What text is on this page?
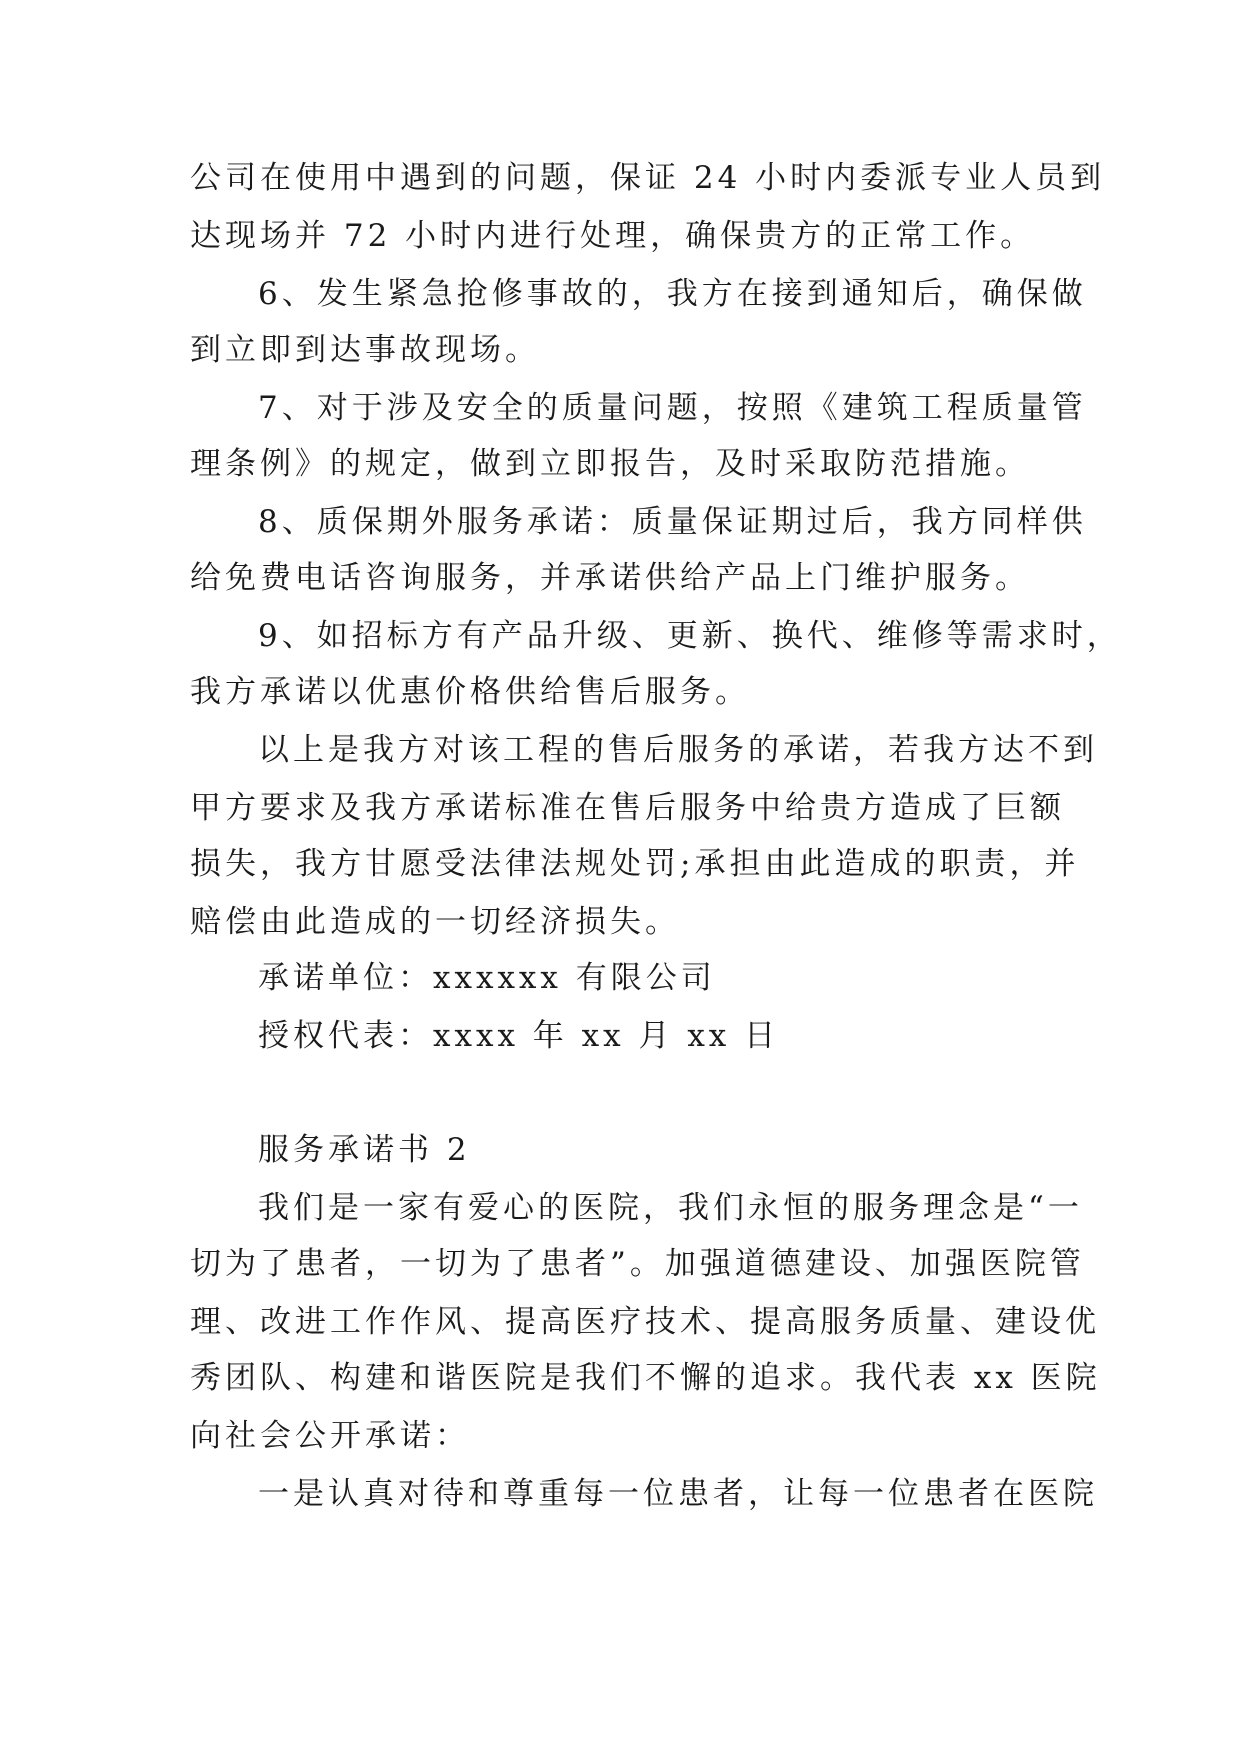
公司在使用中遇到的问题，保证 24 小时内委派专业人员到
达现场并 72 小时内进行处理，确保贵方的正常工作。
6、发生紧急抢修事故的，我方在接到通知后，确保做
到立即到达事故现场。
7、对于涉及安全的质量问题，按照《建筑工程质量管
理条例》的规定，做到立即报告，及时采取防范措施。
8、质保期外服务承诺：质量保证期过后，我方同样供
给免费电话咨询服务，并承诺供给产品上门维护服务。
9、如招标方有产品升级、更新、换代、维修等需求时，
我方承诺以优惠价格供给售后服务。
以上是我方对该工程的售后服务的承诺，若我方达不到
甲方要求及我方承诺标准在售后服务中给贵方造成了巨额
损失，我方甘愿受法律法规处罚;承担由此造成的职责，并
赔偿由此造成的一切经济损失。
承诺单位：xxxxxx 有限公司
授权代表：xxxx 年 xx 月 xx 日
服务承诺书 2
我们是一家有爱心的医院，我们永恒的服务理念是“一
切为了患者，一切为了患者”。加强道德建设、加强医院管
理、改进工作作风、提高医疗技术、提高服务质量、建设优
秀团队、构建和谐医院是我们不懈的追求。我代表 xx 医院
向社会公开承诺：
一是认真对待和尊重每一位患者，让每一位患者在医院
